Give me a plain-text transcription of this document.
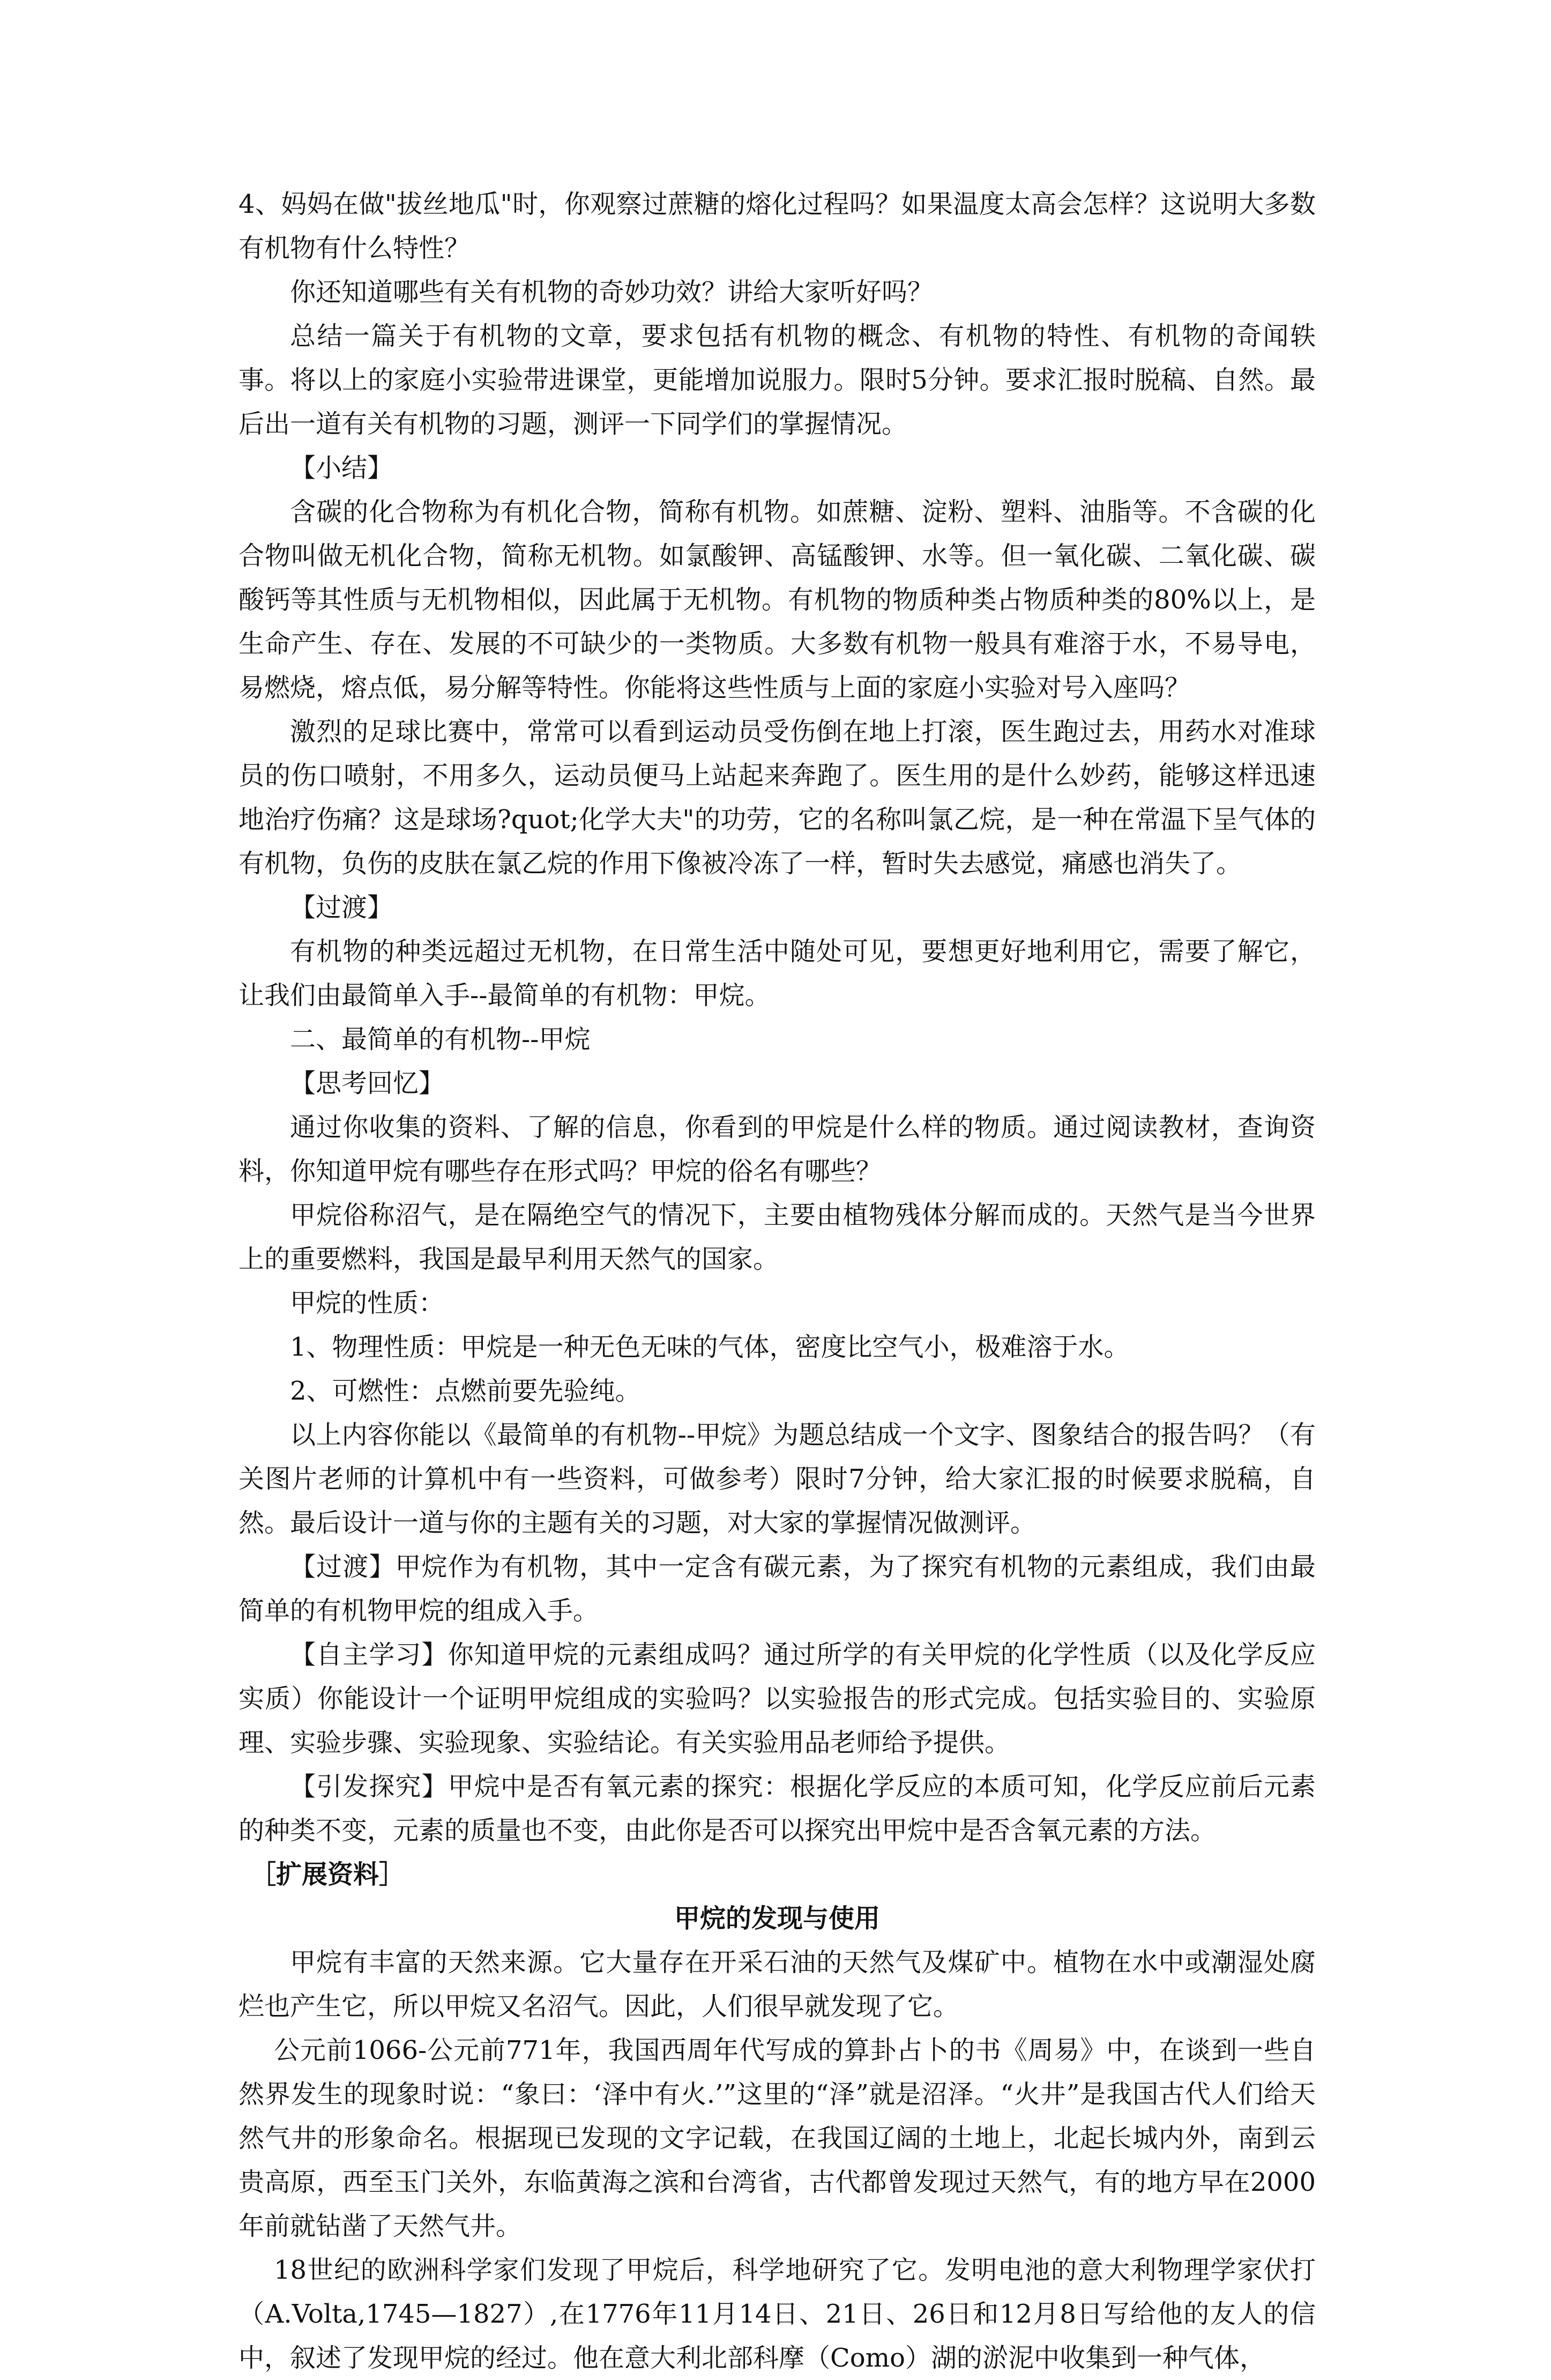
4、妈妈在做"拔丝地瓜"时，你观察过蔗糖的熔化过程吗？如果温度太高会怎样？这说明大多数有机物有什么特性？

你还知道哪些有关有机物的奇妙功效？讲给大家听好吗？

总结一篇关于有机物的文章，要求包括有机物的概念、有机物的特性、有机物的奇闻轶事。将以上的家庭小实验带进课堂，更能增加说服力。限时5分钟。要求汇报时脱稿、自然。最后出一道有关有机物的习题，测评一下同学们的掌握情况。

【小结】

含碳的化合物称为有机化合物，简称有机物。如蔗糖、淀粉、塑料、油脂等。不含碳的化合物叫做无机化合物，简称无机物。如氯酸钾、高锰酸钾、水等。但一氧化碳、二氧化碳、碳酸钙等其性质与无机物相似，因此属于无机物。有机物的物质种类占物质种类的80%以上，是生命产生、存在、发展的不可缺少的一类物质。大多数有机物一般具有难溶于水，不易导电，易燃烧，熔点低，易分解等特性。你能将这些性质与上面的家庭小实验对号入座吗？

激烈的足球比赛中，常常可以看到运动员受伤倒在地上打滚，医生跑过去，用药水对准球员的伤口喷射，不用多久，运动员便马上站起来奔跑了。医生用的是什么妙药，能够这样迅速地治疗伤痛？这是球场?quot;化学大夫"的功劳，它的名称叫氯乙烷，是一种在常温下呈气体的有机物，负伤的皮肤在氯乙烷的作用下像被冷冻了一样，暂时失去感觉，痛感也消失了。

【过渡】

有机物的种类远超过无机物，在日常生活中随处可见，要想更好地利用它，需要了解它，让我们由最简单入手--最简单的有机物：甲烷。

二、最简单的有机物--甲烷

【思考回忆】

通过你收集的资料、了解的信息，你看到的甲烷是什么样的物质。通过阅读教材，查询资料，你知道甲烷有哪些存在形式吗？甲烷的俗名有哪些？

甲烷俗称沼气，是在隔绝空气的情况下，主要由植物残体分解而成的。天然气是当今世界上的重要燃料，我国是最早利用天然气的国家。

甲烷的性质：

1、物理性质：甲烷是一种无色无味的气体，密度比空气小，极难溶于水。

2、可燃性：点燃前要先验纯。

以上内容你能以《最简单的有机物--甲烷》为题总结成一个文字、图象结合的报告吗？（有关图片老师的计算机中有一些资料，可做参考）限时7分钟，给大家汇报的时候要求脱稿，自然。最后设计一道与你的主题有关的习题，对大家的掌握情况做测评。

【过渡】甲烷作为有机物，其中一定含有碳元素，为了探究有机物的元素组成，我们由最简单的有机物甲烷的组成入手。

【自主学习】你知道甲烷的元素组成吗？通过所学的有关甲烷的化学性质（以及化学反应实质）你能设计一个证明甲烷组成的实验吗？以实验报告的形式完成。包括实验目的、实验原理、实验步骤、实验现象、实验结论。有关实验用品老师给予提供。

【引发探究】甲烷中是否有氧元素的探究：根据化学反应的本质可知，化学反应前后元素的种类不变，元素的质量也不变，由此你是否可以探究出甲烷中是否含氧元素的方法。

［扩展资料］

甲烷的发现与使用

甲烷有丰富的天然来源。它大量存在开采石油的天然气及煤矿中。植物在水中或潮湿处腐烂也产生它，所以甲烷又名沼气。因此，人们很早就发现了它。

公元前1066-公元前771年，我国西周年代写成的算卦占卜的书《周易》中，在谈到一些自然界发生的现象时说：“象曰：‘泽中有火.’”这里的“泽”就是沼泽。“火井”是我国古代人们给天然气井的形象命名。根据现已发现的文字记载，在我国辽阔的土地上，北起长城内外，南到云贵高原，西至玉门关外，东临黄海之滨和台湾省，古代都曾发现过天然气，有的地方早在2000年前就钻凿了天然气井。

18世纪的欧洲科学家们发现了甲烷后，科学地研究了它。发明电池的意大利物理学家伏打（A.Volta,1745—1827）,在1776年11月14日、21日、26日和12月8日写给他的友人的信中，叙述了发现甲烷的经过。他在意大利北部科摩（Como）湖的淤泥中收集到一种气体，
